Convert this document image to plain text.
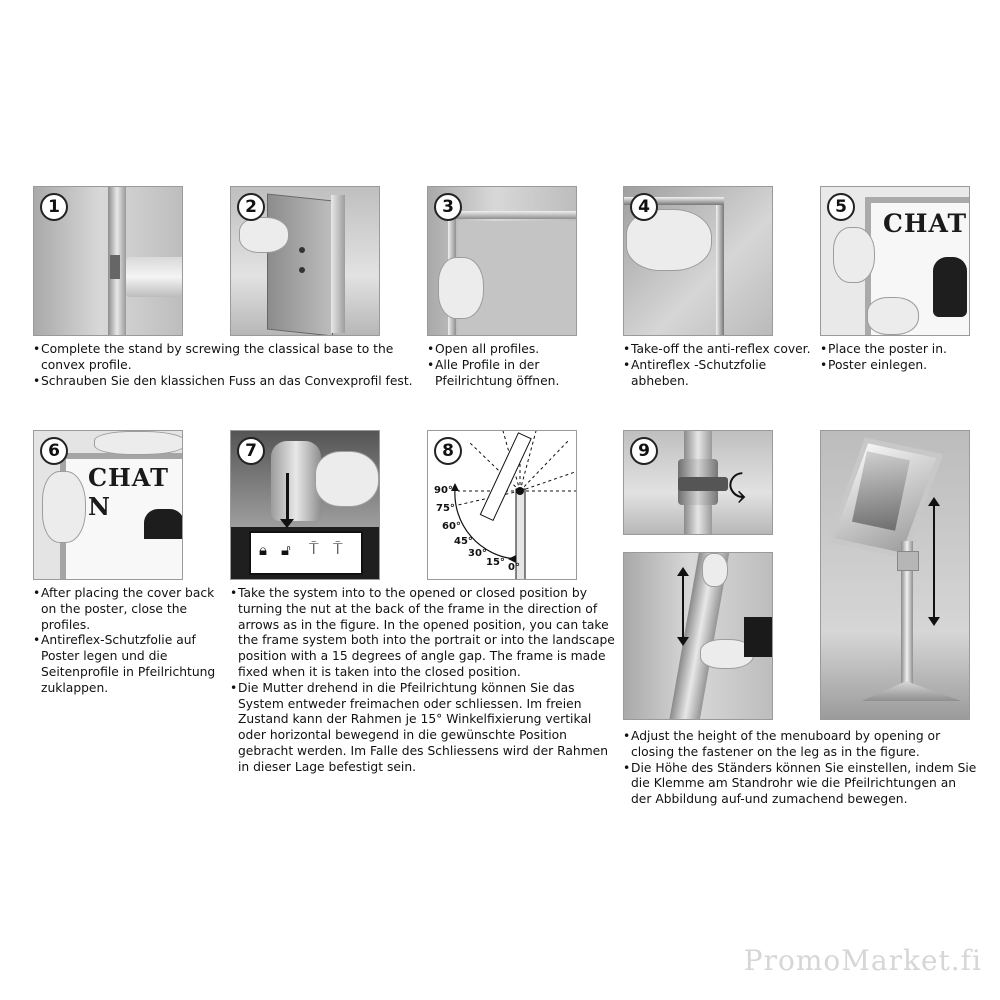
1	2	3	4
CHAT
5
• Complete the stand by screwing the classical base to the convex profile.
• Schrauben Sie den klassichen Fuss an das Convexprofil fest.
• Open all profiles.
• Alle Profile in der Pfeilrichtung öffnen.
• Take-off the anti-reflex cover.
• Antireflex -Schutzfolie abheben.
• Place the poster in.
• Poster einlegen.
CHAT N
6
🔒︎ 🔓︎ ⍑ ⍑
7
90°
75°
60°
45°
30°
15° 0°
8
⤹
9
• After placing the cover back on the poster, close the profiles.
• Antireflex-Schutzfolie auf Poster legen und die Seitenprofile in Pfeilrichtung zuklappen.
• Take the system into to the opened or closed position by turning the nut at the back of the frame in the direction of arrows as in the figure. In the opened position, you can take the frame system both into the portrait or into the landscape position with a 15 degrees of angle gap. The frame is made fixed when it is taken into the closed position.
• Die Mutter drehend in die Pfeilrichtung können Sie das System entweder freimachen oder schliessen. Im freien Zustand kann der Rahmen je 15° Winkelfixierung vertikal oder horizontal bewegend in die gewünschte Position gebracht werden. Im Falle des Schliessens wird der Rahmen in dieser Lage befestigt sein.
• Adjust the height of the menuboard by opening or closing the fastener on the leg as in the figure.
• Die Höhe des Ständers können Sie einstellen, indem Sie die Klemme am Standrohr wie die Pfeilrichtungen an der Abbildung auf-und zumachend bewegen.
PromoMarket.fi
